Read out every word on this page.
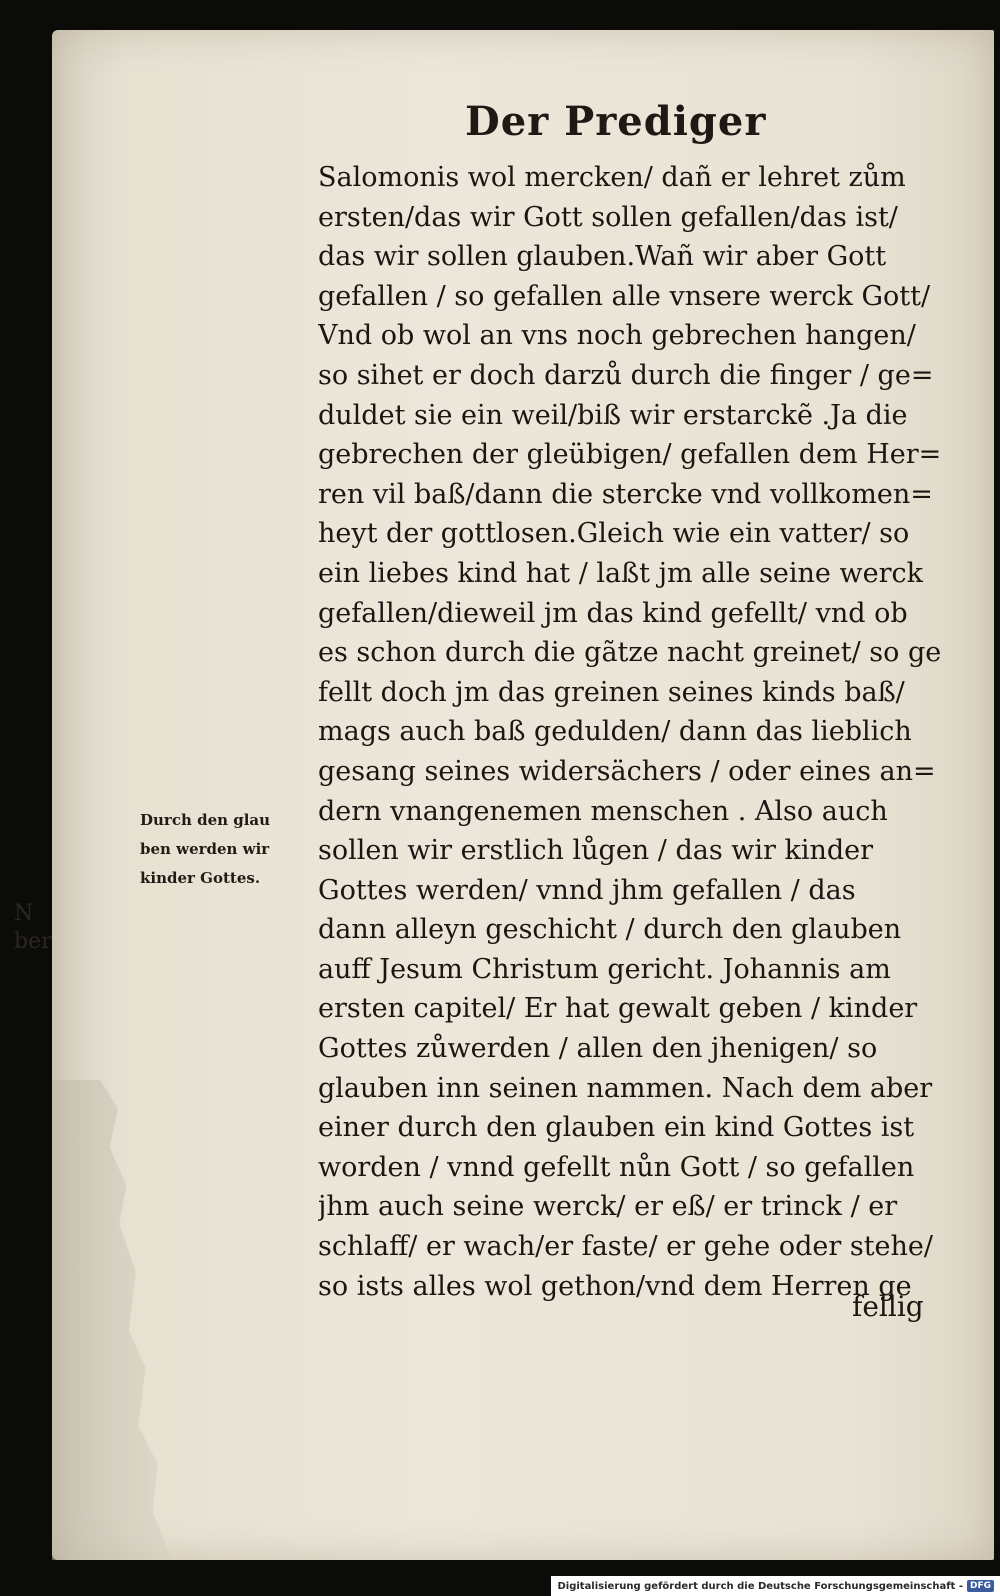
N
ber
Der Prediger
Durch den glau
ben werden wir
kinder Gottes.
Salomonis wol mercken/ dañ er lehret zům
ersten/das wir Gott sollen gefallen/das ist/
das wir sollen glauben.Wañ wir aber Gott
gefallen / so gefallen alle vnsere werck Gott/
Vnd ob wol an vns noch gebrechen hangen/
so sihet er doch darzů durch die finger / ge=
duldet sie ein weil/biß wir erstarckẽ .Ja die
gebrechen der gleübigen/ gefallen dem Her=
ren vil baß/dann die stercke vnd vollkomen=
heyt der gottlosen.Gleich wie ein vatter/ so
ein liebes kind hat / laßt jm alle seine werck
gefallen/dieweil jm das kind gefellt/ vnd ob
es schon durch die gãtze nacht greinet/ so ge
fellt doch jm das greinen seines kinds baß/
mags auch baß gedulden/ dann das lieblich
gesang seines widersächers / oder eines an=
dern vnangenemen menschen . Also auch
sollen wir erstlich lůgen / das wir kinder
Gottes werden/ vnnd jhm gefallen / das
dann alleyn geschicht / durch den glauben
auff Jesum Christum gericht. Johannis am
ersten capitel/ Er hat gewalt geben / kinder
Gottes zůwerden / allen den jhenigen/ so
glauben inn seinen nammen. Nach dem aber
einer durch den glauben ein kind Gottes ist
worden / vnnd gefellt nůn Gott / so gefallen
jhm auch seine werck/ er eß/ er trinck / er
schlaff/ er wach/er faste/ er gehe oder stehe/
so ists alles wol gethon/vnd dem Herren ge
fellig
Digitalisierung gefördert durch die Deutsche Forschungsgemeinschaft - DFG
